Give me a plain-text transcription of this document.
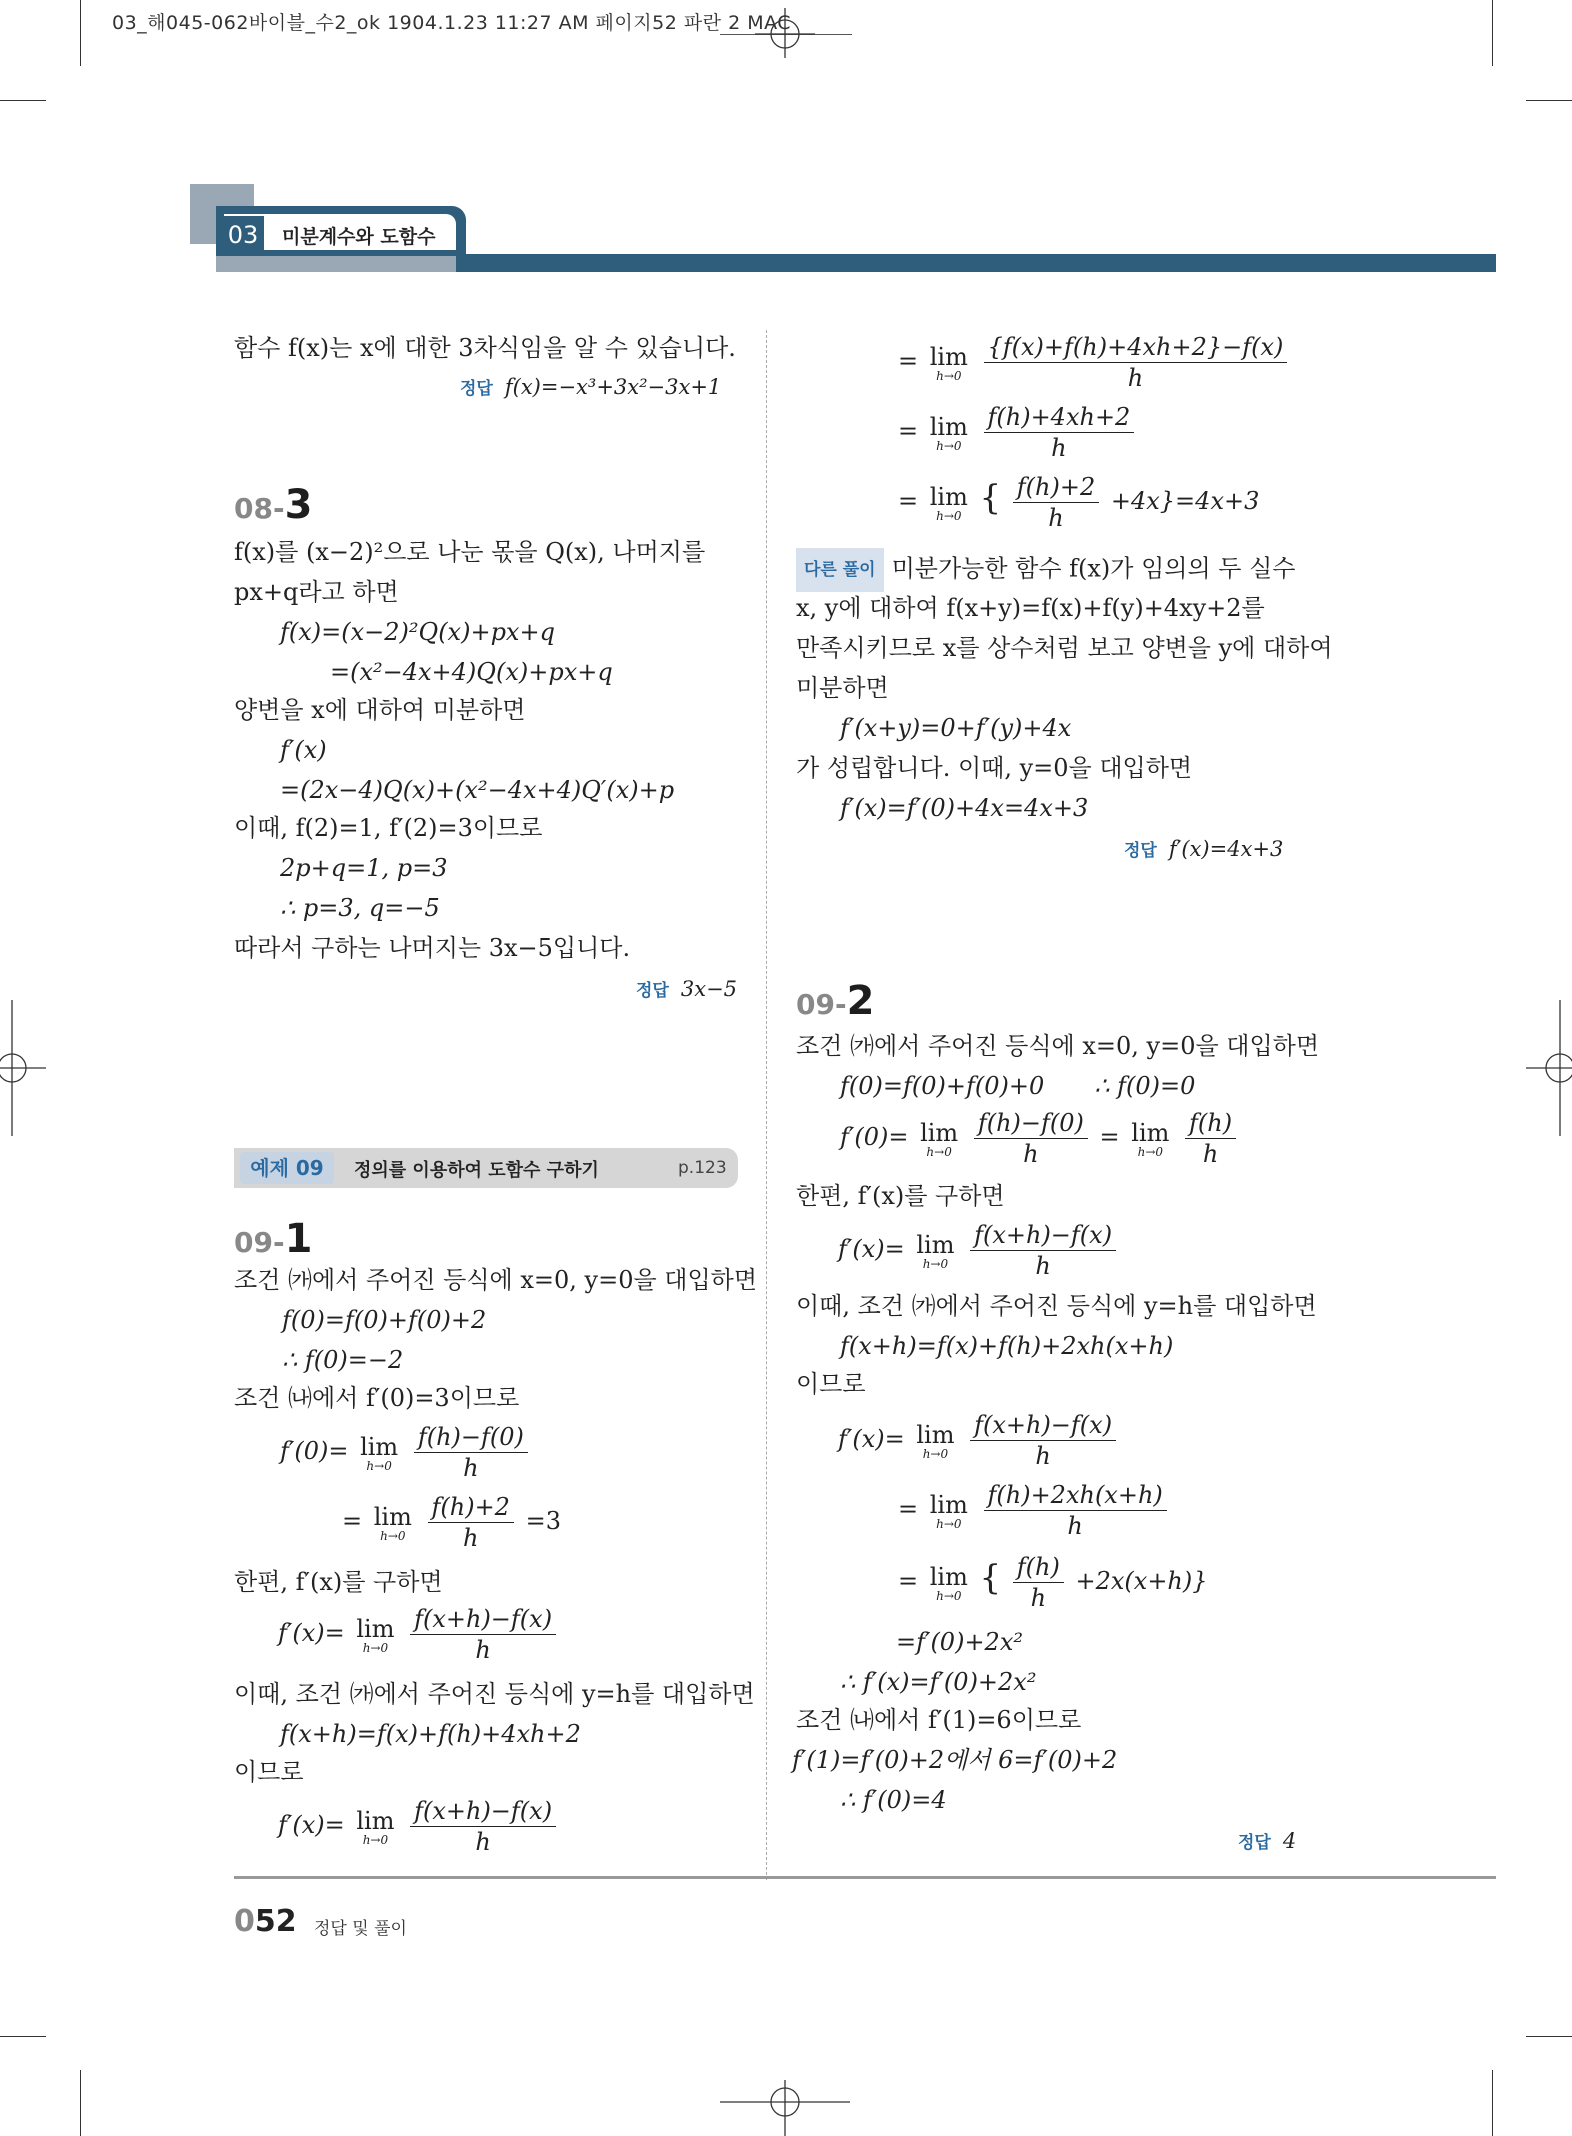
03_해045-062바이블_수2_ok 1904.1.23 11:27 AM 페이지52 파란 2 MAC
03	미분계수와 도함수
함수 f(x)는 x에 대한 3차식임을 알 수 있습니다.
정답 f(x)=−x³+3x²−3x+1
08-3
f(x)를 (x−2)²으로 나눈 몫을 Q(x), 나머지를
px+q라고 하면
f(x)=(x−2)²Q(x)+px+q
=(x²−4x+4)Q(x)+px+q
양변을 x에 대하여 미분하면
f′(x)
=(2x−4)Q(x)+(x²−4x+4)Q′(x)+p
이때, f(2)=1, f′(2)=3이므로
2p+q=1, p=3
∴ p=3, q=−5
따라서 구하는 나머지는 3x−5입니다.
정답 3x−5
예제 09	정의를 이용하여 도함수 구하기	p.123
09-1
조건 ㈎에서 주어진 등식에 x=0, y=0을 대입하면
f(0)=f(0)+f(0)+2
∴ f(0)=−2
조건 ㈏에서 f′(0)=3이므로
f′(0)= lim
h→0
$\frac{f(h)-f(0)}{h}$
= lim
h→0
$\frac{f(h)+2}{h} =3$
한편, f′(x)를 구하면
f′(x)= lim
h→0
$\frac{f(x+h)-f(x)}{h}$
이때, 조건 ㈎에서 주어진 등식에 y=h를 대입하면
f(x+h)=f(x)+f(h)+4xh+2
이므로
f′(x)= lim
h→0
$\frac{f(x+h)-f(x)}{h}$
= lim
h→0
$\frac{\{f(x)+f(h)+4xh+2\}-f(x)}{h}$
= lim
h→0
$\frac{f(h)+4xh+2}{h}$
= lim
h→0 { $\frac{f(h)+2}{h} +4x\}=4x+3$
다른 풀이 미분가능한 함수 f(x)가 임의의 두 실수
x, y에 대하여 f(x+y)=f(x)+f(y)+4xy+2를
만족시키므로 x를 상수처럼 보고 양변을 y에 대하여
미분하면
f′(x+y)=0+f′(y)+4x
가 성립합니다. 이때, y=0을 대입하면
f′(x)=f′(0)+4x=4x+3
정답 f′(x)=4x+3
09-2
조건 ㈎에서 주어진 등식에 x=0, y=0을 대입하면
f(0)=f(0)+f(0)+0 ∴ f(0)=0
f′(0)= lim
h→0
$\frac{f(h)-f(0)}{h} = \lim$
h→0
$\frac{f(h)}{h}$
한편, f′(x)를 구하면
f′(x)= lim
h→0
$\frac{f(x+h)-f(x)}{h}$
이때, 조건 ㈎에서 주어진 등식에 y=h를 대입하면
f(x+h)=f(x)+f(h)+2xh(x+h)
이므로
f′(x)= lim
h→0
$\frac{f(x+h)-f(x)}{h}$
= lim
h→0
$\frac{f(h)+2xh(x+h)}{h}$
= lim
h→0 { $\frac{f(h)}{h} +2x(x+h)$}
=f′(0)+2x²
∴ f′(x)=f′(0)+2x²
조건 ㈏에서 f′(1)=6이므로
f′(1)=f′(0)+2에서 6=f′(0)+2
∴ f′(0)=4
정답 4
052 정답 및 풀이
